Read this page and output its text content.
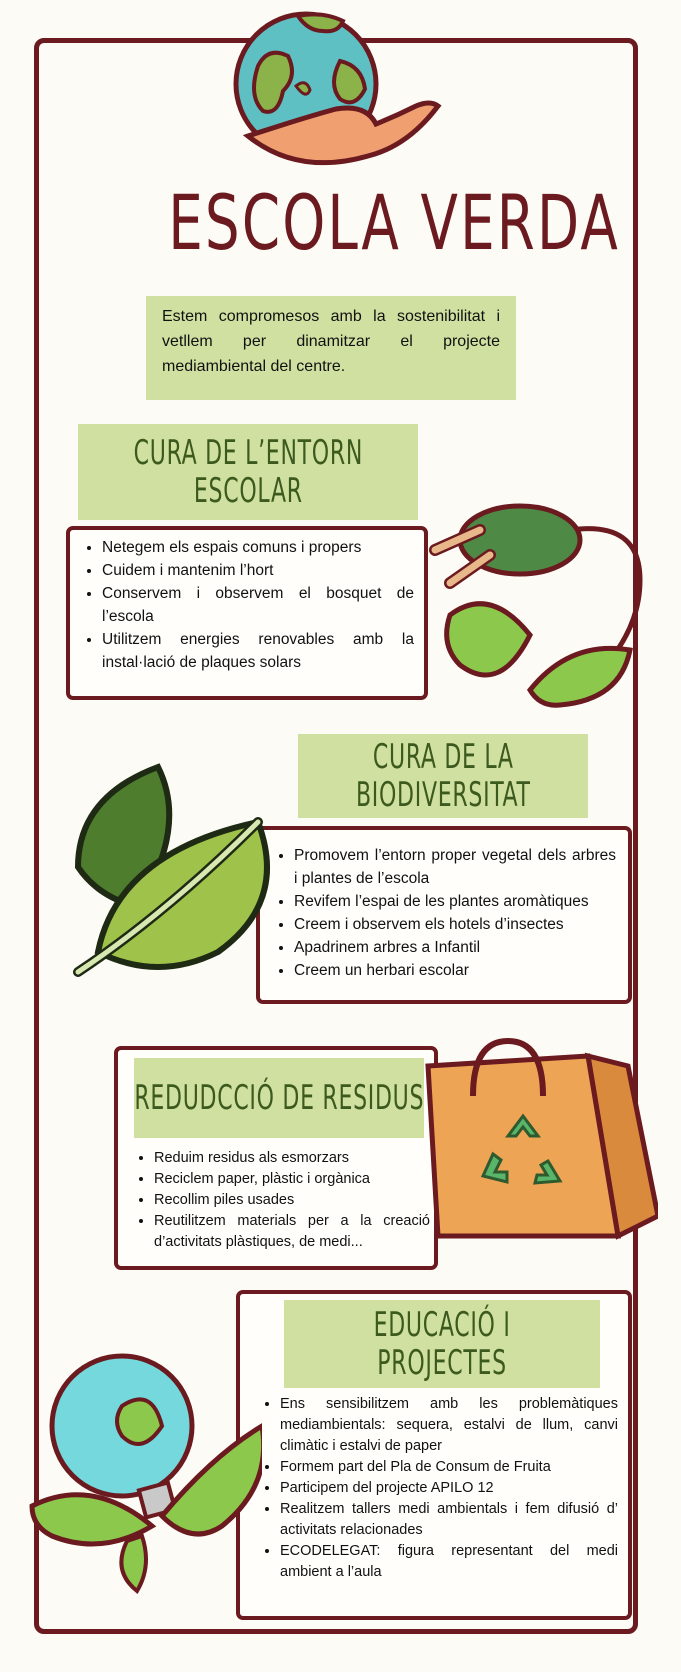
ESCOLA VERDA
Estem compromesos amb la sostenibilitat i vetllem per dinamitzar el projecte mediambiental del centre.
CURA DE L’ENTORN
ESCOLAR
• Netegem els espais comuns i propers
• Cuidem i mantenim l’hort
• Conservem i observem el bosquet de l’escola
• Utilitzem energies renovables amb la instal·lació de plaques solars
CURA DE LA
BIODIVERSITAT
• Promovem l’entorn proper vegetal dels arbres i plantes de l’escola
• Revifem l’espai de les plantes aromàtiques
• Creem i observem els hotels d’insectes
• Apadrinem arbres a Infantil
• Creem un herbari escolar
REDUDCCIÓ DE RESIDUS
• Reduim residus als esmorzars
• Reciclem paper, plàstic i orgànica
• Recollim piles usades
• Reutilitzem materials per a la creació d’activitats plàstiques, de medi...
EDUCACIÓ I
PROJECTES
• Ens sensibilitzem amb les problemàtiques mediambientals: sequera, estalvi de llum, canvi climàtic i estalvi de paper
• Formem part del Pla de Consum de Fruita
• Participem del projecte APILO 12
• Realitzem tallers medi ambientals i fem difusió d’ activitats relacionades
• ECODELEGAT: figura representant del medi ambient a l’aula
